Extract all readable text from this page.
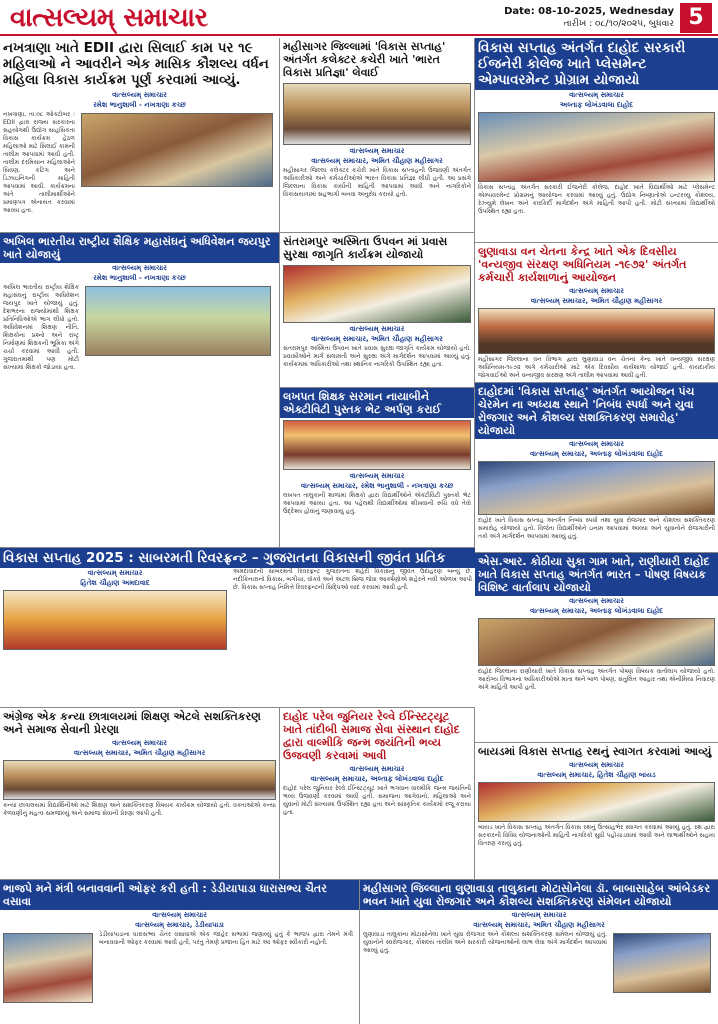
વાત્સલ્યમ્ સમાચાર	Date: 08-10-2025, Wednesday
તારીખ : ૦૮/૧૦/૨૦૨૫, બુધવાર 5
નખત્રાણા ખાતે EDII દ્વારા સિલાઈ કામ પર ૧૯ મહિલાઓ ને આવરીને એક માસિક કૌશલ્ય વર્ધન મહિલા વિકાસ કાર્યક્રમ પૂર્ણ કરવામાં આવ્યું.
વાત્સલ્યમ્ સમાચાર
રમેશ ભાનુશાલી - નખત્રાણા કચ્છ
નખત્રાણા, તા.૦૮ ઓક્ટોબર : EDII દ્વારા રાજ્ય સરકારના સહયોગથી ઉદ્યોગ સાહસિકતા વિકાસ કાર્યક્રમ હેઠળ મહિલાઓ માટે સિલાઈ કામની તાલીમ આપવામાં આવી હતી. તાલીમ દરમિયાન મહિલાઓને સિવણ, કટિંગ અને ડિઝાઇનિંગની માહિતી આપવામાં આવી. કાર્યક્રમના અંતે તાલીમાર્થીઓને પ્રમાણપત્ર એનાયત કરવામાં આવ્યા હતા.
મહીસાગર જિલ્લામાં 'વિકાસ સપ્તાહ' અંતર્ગત કલેક્ટર કચેરી ખાતે 'ભારત વિકાસ પ્રતિજ્ઞા' લેવાઈ
વાત્સલ્યમ્ સમાચાર
વાત્સલ્યમ્ સમાચાર, અમિત ચૌહાણ મહીસાગર
મહીસાગર જિલ્લા કલેક્ટર કચેરી ખાતે વિકાસ સપ્તાહની ઉજવણી અંતર્ગત અધિકારીઓ અને કર્મચારીઓએ ભારત વિકાસ પ્રતિજ્ઞા લીધી હતી. આ પ્રસંગે જિલ્લાના વિકાસ કાર્યોની માહિતી આપવામાં આવી અને નાગરિકોને વિકાસયાત્રામાં સહભાગી બનવા અનુરોધ કરાયો હતો.
વિકાસ સપ્તાહ અંતર્ગત દાહોદ સરકારી ઈજનેરી કોલેજ ખાતે પ્લેસમેન્ટ એમ્પાવરમેન્ટ પ્રોગ્રામ યોજાયો
વાત્સલ્યમ્ સમાચાર
અલ્તાફ લોખંડવાલા દાહોદ
વિકાસ સપ્તાહ અંતર્ગત સરકારી ઈજનેરી કોલેજ, દાહોદ ખાતે વિદ્યાર્થીઓ માટે પ્લેસમેન્ટ એમ્પાવરમેન્ટ પ્રોગ્રામનું આયોજન કરવામાં આવ્યું હતું. ઉદ્યોગ નિષ્ણાતોએ ઇન્ટરવ્યુ કૌશલ્ય, રેઝ્યુમે લેખન અને કારકિર્દી માર્ગદર્શન અંગે માહિતી આપી હતી. મોટી સંખ્યામાં વિદ્યાર્થીઓ ઉપસ્થિત રહ્યા હતા.
અખિલ ભારતીય રાષ્ટ્રીય શૈક્ષિક મહાસંઘનું અધિવેશન જયપુર ખાતે યોજાયું
વાત્સલ્યમ્ સમાચાર
રમેશ ભાનુશાલી - નખત્રાણા કચ્છ
અખિલ ભારતીય રાષ્ટ્રીય શૈક્ષિક મહાસંઘનું રાષ્ટ્રીય અધિવેશન જયપુર ખાતે યોજાયું હતું. દેશભરના રાજ્યોમાંથી શિક્ષક પ્રતિનિધિઓએ ભાગ લીધો હતો. અધિવેશનમાં શિક્ષણ નીતિ, શિક્ષકોના પ્રશ્નો અને રાષ્ટ્ર નિર્માણમાં શિક્ષકની ભૂમિકા અંગે ચર્ચા કરવામાં આવી હતી. ગુજરાતમાંથી પણ મોટી સંખ્યામાં શિક્ષકો જોડાયા હતા.
સંતરામપુર અસ્મિતા ઉપવન માં પ્રવાસ સુરક્ષા જાગૃતિ કાર્યક્રમ યોજાયો
વાત્સલ્યમ્ સમાચાર
વાત્સલ્યમ્ સમાચાર, અમિત ચૌહાણ મહીસાગર
સંતરામપુર અસ્મિતા ઉપવન ખાતે પ્રવાસ સુરક્ષા જાગૃતિ કાર્યક્રમ યોજાયો હતો. પ્રવાસીઓને માર્ગ સલામતી અને સુરક્ષા અંગે માર્ગદર્શન આપવામાં આવ્યું હતું. કાર્યક્રમમાં અધિકારીઓ તથા સ્થાનિક નાગરિકો ઉપસ્થિત રહ્યા હતા.
લુણાવાડા વન ચેતના કેન્દ્ર ખાતે એક દિવસીય 'વન્યજીવ સંરક્ષણ અધિનિયમ -૧૯૭૨' અંતર્ગત કર્મચારી કાર્યશાળાનું આયોજન
વાત્સલ્યમ્ સમાચાર
વાત્સલ્યમ્ સમાચાર, અમિત ચૌહાણ મહીસાગર
મહીસાગર જિલ્લાના વન વિભાગ દ્વારા લુણાવાડા વન ચેતના કેન્દ્ર ખાતે વન્યજીવ સંરક્ષણ અધિનિયમ-૧૯૭૨ અંગે કર્મચારીઓ માટે એક દિવસીય કાર્યશાળા યોજાઈ હતી. કાયદાકીય જોગવાઈઓ અને વન્યજીવ સંરક્ષણ અંગે તાલીમ આપવામાં આવી હતી.
દાહોદમાં 'વિકાસ સપ્તાહ' અંતર્ગત આયોજન પંચ ચેરમેન ના અધ્યક્ષ સ્થાને 'નિબંધ સ્પર્ધા અને યુવા રોજગાર અને કૌશલ્ય સશક્તિકરણ સમારોહ' યોજાયો
વાત્સલ્યમ્ સમાચાર
વાત્સલ્યમ્ સમાચાર, અલ્તાફ લોખંડવાલા દાહોદ
દાહોદ ખાતે વિકાસ સપ્તાહ અંતર્ગત નિબંધ સ્પર્ધા તથા યુવા રોજગાર અને કૌશલ્ય સશક્તિકરણ સમારોહ યોજાયો હતો. વિજેતા વિદ્યાર્થીઓને ઇનામ આપવામાં આવ્યા અને યુવાનોને રોજગારીની તકો અંગે માર્ગદર્શન આપવામાં આવ્યું હતું.
લખપત શિક્ષક સરમાન નાયાબીને એક્ટીવિટી પુસ્તક ભેટ અર્પણ કરાઈ
વાત્સલ્યમ્ સમાચાર
વાત્સલ્યમ્ સમાચાર, રમેશ ભાનુશાલી - નખત્રાણા કચ્છ
લખપત તાલુકાની શાળામાં શિક્ષકો દ્વારા વિદ્યાર્થીઓને એક્ટીવિટી પુસ્તકો ભેટ આપવામાં આવ્યા હતા. આ પહેલથી વિદ્યાર્થીઓમાં શીખવાની રુચિ વધે તેવો ઉદ્દેશ્ય હોવાનું જણાવાયું હતું.
વિકાસ સપ્તાહ 2025 : સાબરમતી રિવરફ્રન્ટ – ગુજરાતના વિકાસની જીવંત પ્રતિક
વાત્સલ્યમ્ સમાચાર
હિતેશ ચૌહાણ અમદાવાદ
અમદાવાદની સાબરમતી રિવરફ્રન્ટ ગુજરાતના શહેરી વિકાસનું જીવંત ઉદાહરણ બન્યું છે. નદીકિનારાનો વિકાસ, બગીચા, વૉકવે અને અટલ બ્રિજ જેવા આકર્ષણોએ શહેરને નવી ઓળખ આપી છે. વિકાસ સપ્તાહ નિમિત્તે રિવરફ્રન્ટની સિદ્ધિઓ યાદ કરવામાં આવી હતી.
અંગ્રેજ એક કન્યા છાત્રાલયમાં શિક્ષણ એટલે સશક્તિકરણ અને સમાજ સેવાની પ્રેરણા
વાત્સલ્યમ્ સમાચાર
વાત્સલ્યમ્ સમાચાર, અમિત ચૌહાણ મહીસાગર
કન્યા છાત્રાલયમાં વિદ્યાર્થિનીઓ માટે શિક્ષણ અને સશક્તિકરણ વિષયક કાર્યક્રમ યોજાયો હતો. વક્તાઓએ કન્યા કેળવણીનું મહત્વ સમજાવ્યું અને સમાજ સેવાની પ્રેરણા આપી હતી.
એસ.આર. કોઠીયા સુકા ગામ ખાતે, રાણીયારી દાહોદ ખાતે વિકાસ સપ્તાહ અંતર્ગત ભારત – પોષણ વિષયક વિશિષ્ટ વાર્તાલાપ યોજાયો
વાત્સલ્યમ્ સમાચાર
વાત્સલ્યમ્ સમાચાર, અલ્તાફ લોખંડવાલા દાહોદ
દાહોદ જિલ્લાના રાણીયારી ખાતે વિકાસ સપ્તાહ અંતર્ગત પોષણ વિષયક વાર્તાલાપ યોજાયો હતો. આરોગ્ય વિભાગના અધિકારીઓએ માતા અને બાળ પોષણ, સંતુલિત આહાર તથા એનીમિયા નિવારણ અંગે માહિતી આપી હતી.
દાહોદ પરેલ જુનિયર રેલ્વે ઈન્સ્ટિટ્યૂટ ખાતે તાંદીબી સમાજ સેવા સંસ્થાન દાહોદ દ્વારા વાલ્મીકિ જન્મ જયંતિની ભવ્ય ઉજવણી કરવામાં આવી
વાત્સલ્યમ્ સમાચાર
વાત્સલ્યમ્ સમાચાર, અલ્તાફ લોખંડવાલા દાહોદ
દાહોદ પરેલ જુનિયર રેલ્વે ઈન્સ્ટિટ્યૂટ ખાતે ભગવાન વાલ્મીકિ જન્મ જયંતિની ભવ્ય ઉજવણી કરવામાં આવી હતી. સમાજના આગેવાનો, મહિલાઓ અને યુવાનો મોટી સંખ્યામાં ઉપસ્થિત રહ્યા હતા અને સાંસ્કૃતિક કાર્યક્રમો રજૂ કરાયા હતા.
બાયડમાં વિકાસ સપ્તાહ રથનું સ્વાગત કરવામાં આવ્યું
વાત્સલ્યમ્ સમાચાર
વાત્સલ્યમ્ સમાચાર, હિતેશ ચૌહાણ બાયડ
બાયડ ખાતે વિકાસ સપ્તાહ અંતર્ગત વિકાસ રથનું ઉત્સાહભેર સ્વાગત કરવામાં આવ્યું હતું. રથ દ્વારા સરકારની વિવિધ યોજનાઓની માહિતી નાગરિકો સુધી પહોંચાડવામાં આવી અને લાભાર્થીઓને સહાય વિતરણ કરાયું હતું.
ભાજપે મને મંત્રી બનાવવાની ઓફર કરી હતી : ડેડીયાપાડા ધારાસભ્ય ચૈતર વસાવા
વાત્સલ્યમ્ સમાચાર
વાત્સલ્યમ્ સમાચાર, ડેડીયાપાડા
ડેડીયાપાડાના ધારાસભ્ય ચૈતર વસાવાએ એક જાહેર સભામાં જણાવ્યું હતું કે ભાજપ દ્વારા તેમને મંત્રી બનાવવાની ઓફર કરવામાં આવી હતી, પરંતુ તેમણે પ્રજાના હિત માટે આ ઓફર સ્વીકારી નહોતી.
મહીસાગર જિલ્લાના લુણાવાડા તાલુકાના મોટાસોનેલા ડૉ. બાબાસાહેબ આંબેડકર ભવન ખાતે યુવા રોજગાર અને કૌશલ્ય સશક્તિકરણ સંમેલન યોજાયો
વાત્સલ્યમ્ સમાચાર
વાત્સલ્યમ્ સમાચાર, અમિત ચૌહાણ મહીસાગર
લુણાવાડા તાલુકાના મોટાસોનેલા ખાતે યુવા રોજગાર અને કૌશલ્ય સશક્તિકરણ સંમેલન યોજાયું હતું. યુવાનોને સ્વરોજગાર, કૌશલ્ય તાલીમ અને સરકારી યોજનાઓનો લાભ લેવા અંગે માર્ગદર્શન આપવામાં આવ્યું હતું.
